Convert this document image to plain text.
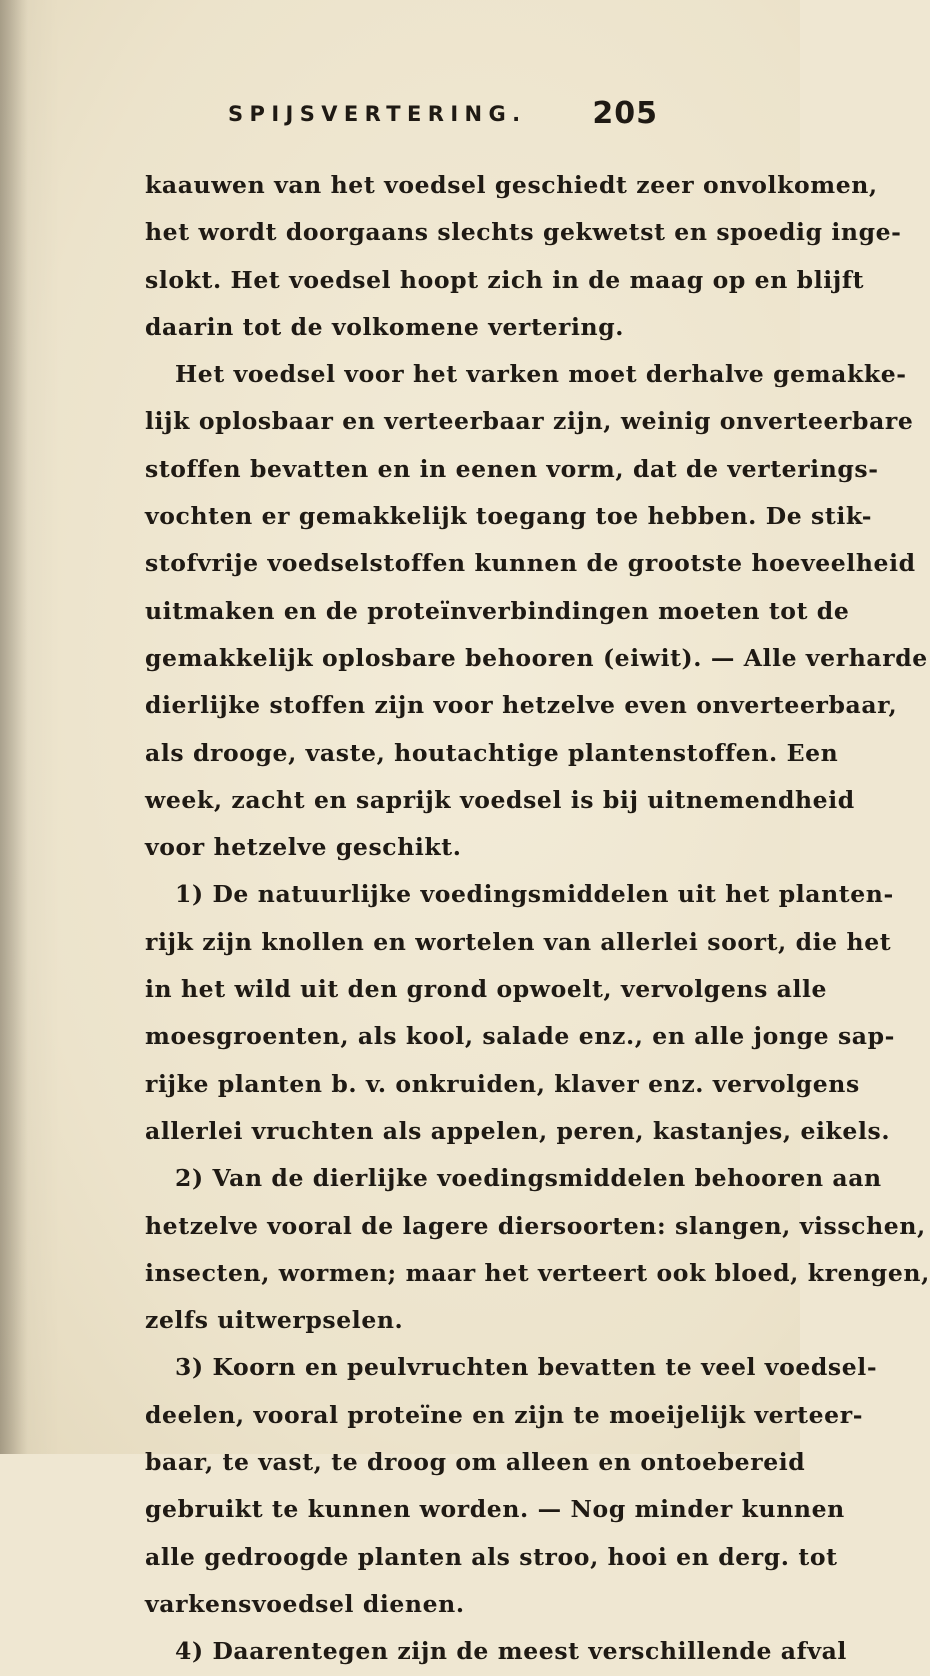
SPIJSVERTERING. 205
kaauwen van het voedsel geschiedt zeer onvolkomen,
het wordt doorgaans slechts gekwetst en spoedig inge-
slokt. Het voedsel hoopt zich in de maag op en blijft
daarin tot de volkomene vertering.
Het voedsel voor het varken moet derhalve gemakke-
lijk oplosbaar en verteerbaar zijn, weinig onverteerbare
stoffen bevatten en in eenen vorm, dat de verterings-
vochten er gemakkelijk toegang toe hebben. De stik-
stofvrije voedselstoffen kunnen de grootste hoeveelheid
uitmaken en de proteïnverbindingen moeten tot de
gemakkelijk oplosbare behooren (eiwit). — Alle verharde
dierlijke stoffen zijn voor hetzelve even onverteerbaar,
als drooge, vaste, houtachtige plantenstoffen. Een
week, zacht en saprijk voedsel is bij uitnemendheid
voor hetzelve geschikt.
1) De natuurlijke voedingsmiddelen uit het planten-
rijk zijn knollen en wortelen van allerlei soort, die het
in het wild uit den grond opwoelt, vervolgens alle
moesgroenten, als kool, salade enz., en alle jonge sap-
rijke planten b. v. onkruiden, klaver enz. vervolgens
allerlei vruchten als appelen, peren, kastanjes, eikels.
2) Van de dierlijke voedingsmiddelen behooren aan
hetzelve vooral de lagere diersoorten: slangen, visschen,
insecten, wormen; maar het verteert ook bloed, krengen,
zelfs uitwerpselen.
3) Koorn en peulvruchten bevatten te veel voedsel-
deelen, vooral proteïne en zijn te moeijelijk verteer-
baar, te vast, te droog om alleen en ontoebereid
gebruikt te kunnen worden. — Nog minder kunnen
alle gedroogde planten als stroo, hooi en derg. tot
varkensvoedsel dienen.
4) Daarentegen zijn de meest verschillende afval
